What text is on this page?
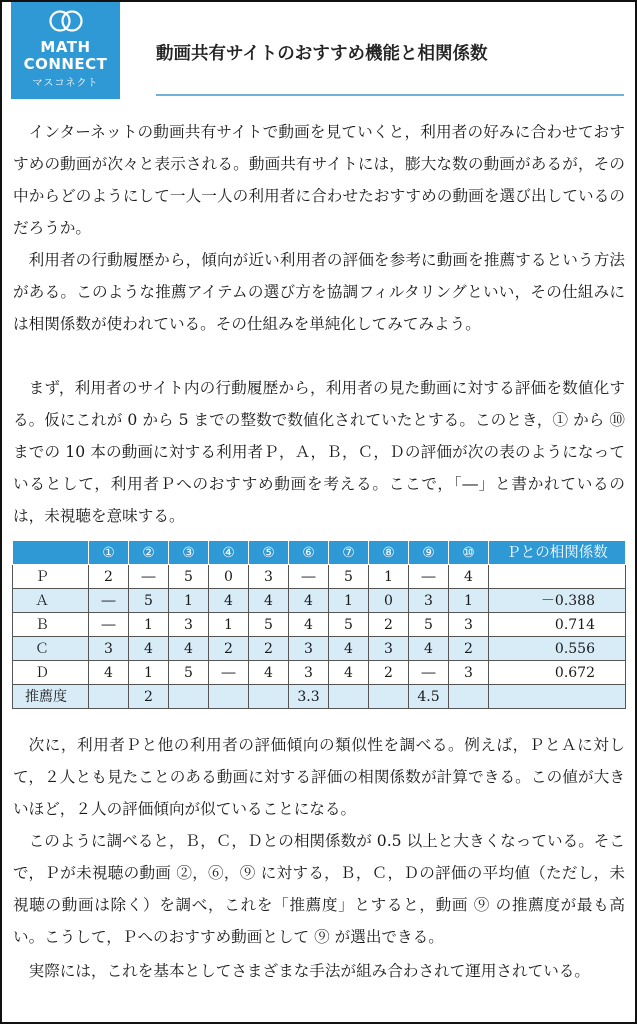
MATH
CONNECT
マスコネクト
動画共有サイトのおすすめ機能と相関係数

インターネットの動画共有サイトで動画を見ていくと，利用者の好みに合わせておすすめの動画が次々と表示される。動画共有サイトには，膨大な数の動画があるが，その中からどのようにして一人一人の利用者に合わせたおすすめの動画を選び出しているのだろうか。

利用者の行動履歴から，傾向が近い利用者の評価を参考に動画を推薦するという方法がある。このような推薦アイテムの選び方を協調フィルタリングといい，その仕組みには相関係数が使われている。その仕組みを単純化してみてみよう。

まず，利用者のサイト内の行動履歴から，利用者の見た動画に対する評価を数値化する。仮にこれが 0 から 5 までの整数で数値化されていたとする。このとき，① から ⑩ までの 10 本の動画に対する利用者Ｐ，Ａ，Ｂ，Ｃ，Ｄの評価が次の表のようになっているとして，利用者Ｐへのおすすめ動画を考える。ここで，「―」と書かれているのは，未視聴を意味する。

	①	②	③	④	⑤	⑥	⑦	⑧	⑨	⑩	Ｐとの相関係数
Ｐ	2	―	5	0	3	―	5	1	―	4	
Ａ	―	5	1	4	4	4	1	0	3	1	－0.388
Ｂ	―	1	3	1	5	4	5	2	5	3	0.714
Ｃ	3	4	4	2	2	3	4	3	4	2	0.556
Ｄ	4	1	5	―	4	3	4	2	―	3	0.672
推薦度		2				3.3			4.5		

次に，利用者Ｐと他の利用者の評価傾向の類似性を調べる。例えば，ＰとＡに対して，２人とも見たことのある動画に対する評価の相関係数が計算できる。この値が大きいほど，２人の評価傾向が似ていることになる。

このように調べると，Ｂ，Ｃ，Ｄとの相関係数が 0.5 以上と大きくなっている。そこで，Ｐが未視聴の動画 ②，⑥，⑨ に対する，Ｂ，Ｃ，Ｄの評価の平均値（ただし，未視聴の動画は除く）を調べ，これを「推薦度」とすると，動画 ⑨ の推薦度が最も高い。こうして，Ｐへのおすすめ動画として ⑨ が選出できる。

実際には，これを基本としてさまざまな手法が組み合わされて運用されている。
